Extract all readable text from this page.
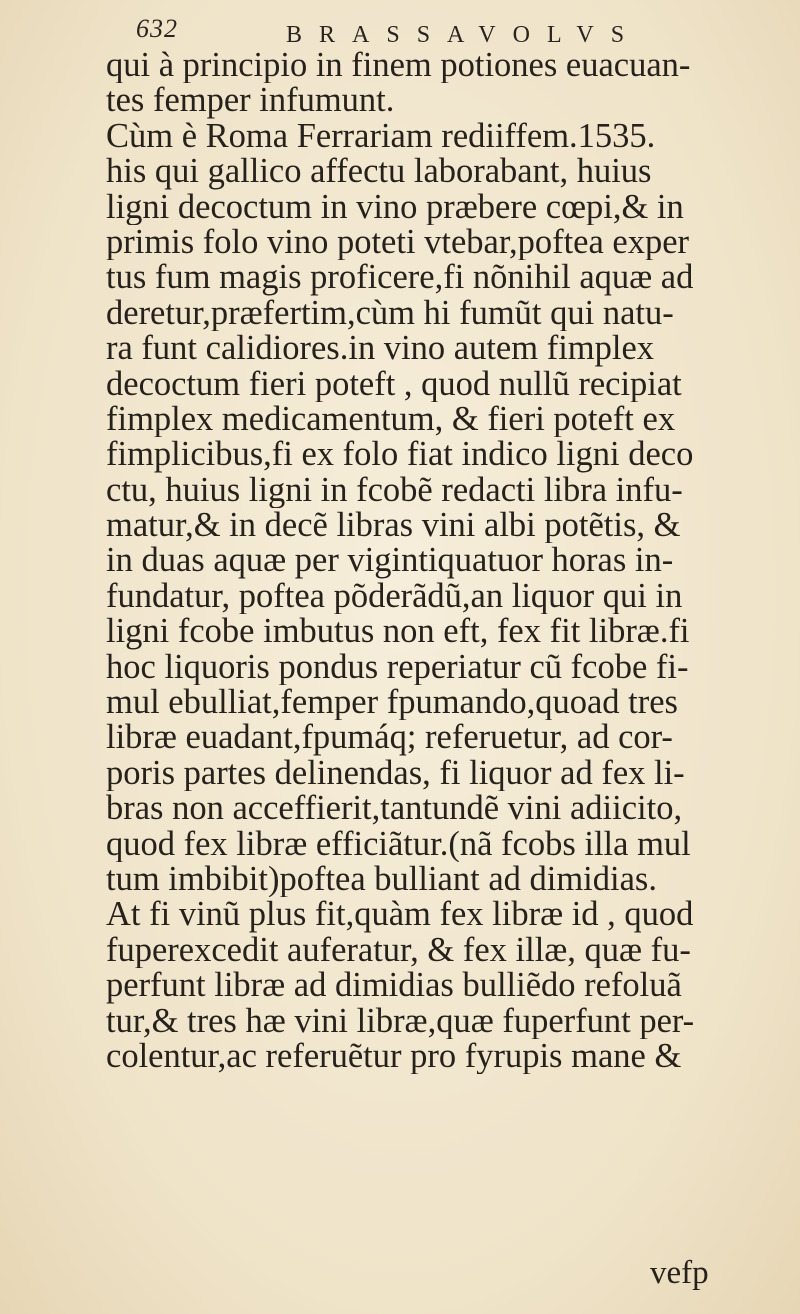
632	BRASSAVOLVS
qui à principio in finem potiones euacuan-
tes femper infumunt.
Cùm è Roma Ferrariam rediiffem.1535.
his qui gallico affectu laborabant, huius
ligni decoctum in vino præbere cœpi,& in
primis folo vino poteti vtebar,poftea exper
tus fum magis proficere,fi nõnihil aquæ ad
deretur,præfertim,cùm hi fumũt qui natu-
ra funt calidiores.in vino autem fimplex
decoctum fieri poteft , quod nullũ recipiat
fimplex medicamentum, & fieri poteft ex
fimplicibus,fi ex folo fiat indico ligni deco
ctu, huius ligni in fcobẽ redacti libra infu-
matur,& in decẽ libras vini albi potẽtis, &
in duas aquæ per vigintiquatuor horas in-
fundatur, poftea põderãdũ,an liquor qui in
ligni fcobe imbutus non eft, fex fit libræ.fi
hoc liquoris pondus reperiatur cũ fcobe fi-
mul ebulliat,femper fpumando,quoad tres
libræ euadant,fpumáq; referuetur, ad cor-
poris partes delinendas, fi liquor ad fex li-
bras non acceffierit,tantundẽ vini adiicito,
quod fex libræ efficiãtur.(nã fcobs illa mul
tum imbibit)poftea bulliant ad dimidias.
At fi vinũ plus fit,quàm fex libræ id , quod
fuperexcedit auferatur, & fex illæ, quæ fu-
perfunt libræ ad dimidias bulliẽdo refoluã
tur,& tres hæ vini libræ,quæ fuperfunt per-
colentur,ac referuẽtur pro fyrupis mane &
vefp
